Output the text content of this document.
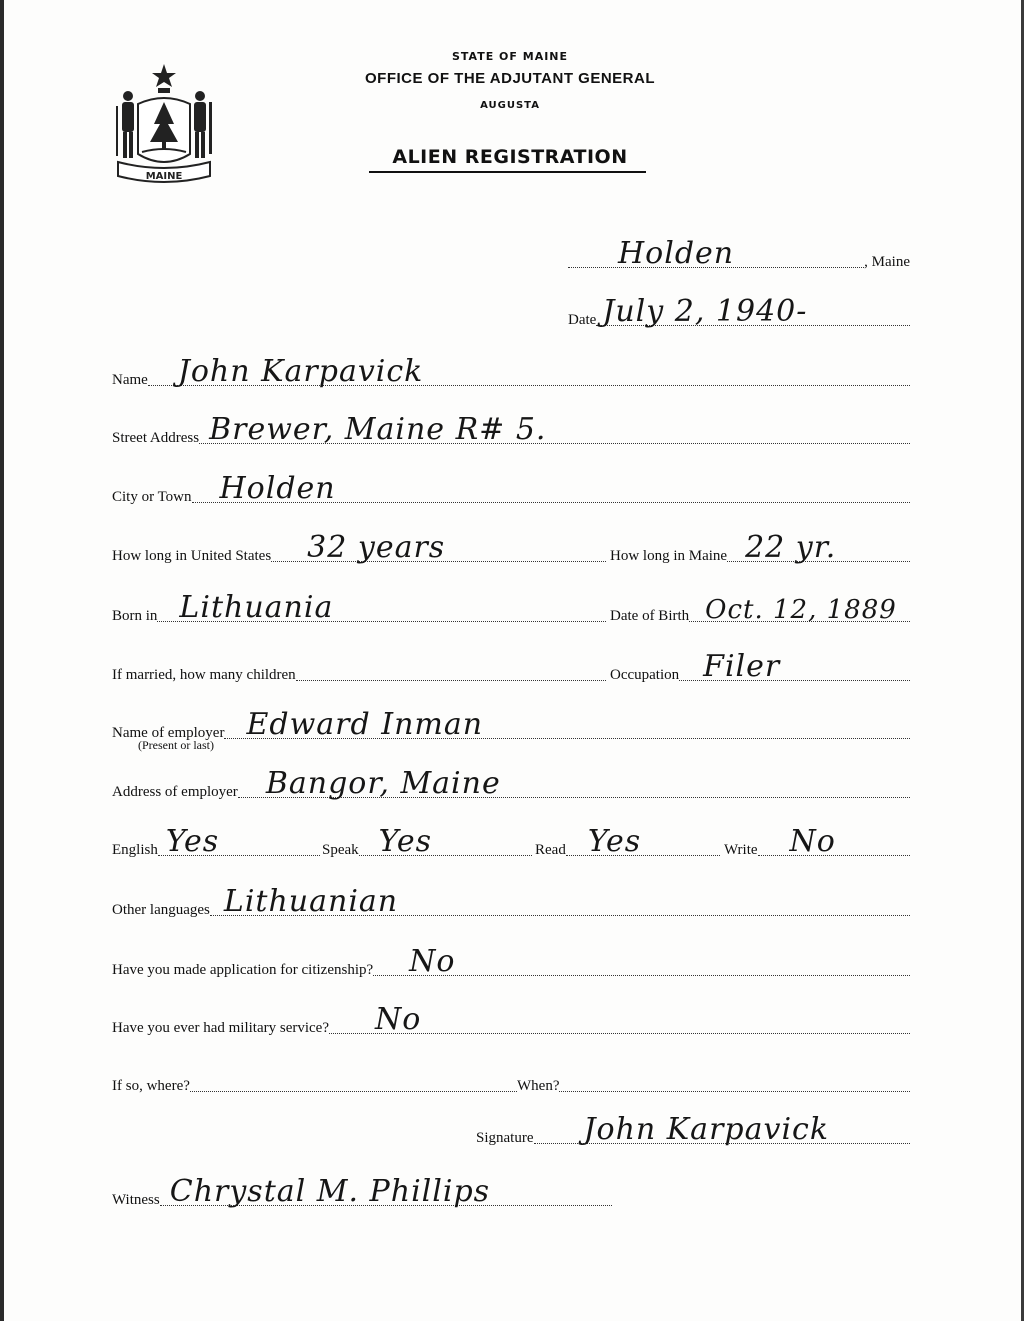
MAINE
STATE OF MAINE
OFFICE OF THE ADJUTANT GENERAL
AUGUSTA
ALIEN REGISTRATION
Holden	, Maine
Date July 2, 1940-
Name John Karpavick
Street Address Brewer, Maine R# 5.
City or Town Holden
How long in United States 32 years	How long in Maine 22 yr.
Born in Lithuania	Date of Birth Oct. 12, 1889
If married, how many children	Occupation Filer
Name of employer Edward Inman
(Present or last)
Address of employer Bangor, Maine
English Yes	Speak Yes	Read Yes	Write No
Other languages Lithuanian
Have you made application for citizenship? No
Have you ever had military service? No
If so, where?	When?
Signature John Karpavick
Witness Chrystal M. Phillips
